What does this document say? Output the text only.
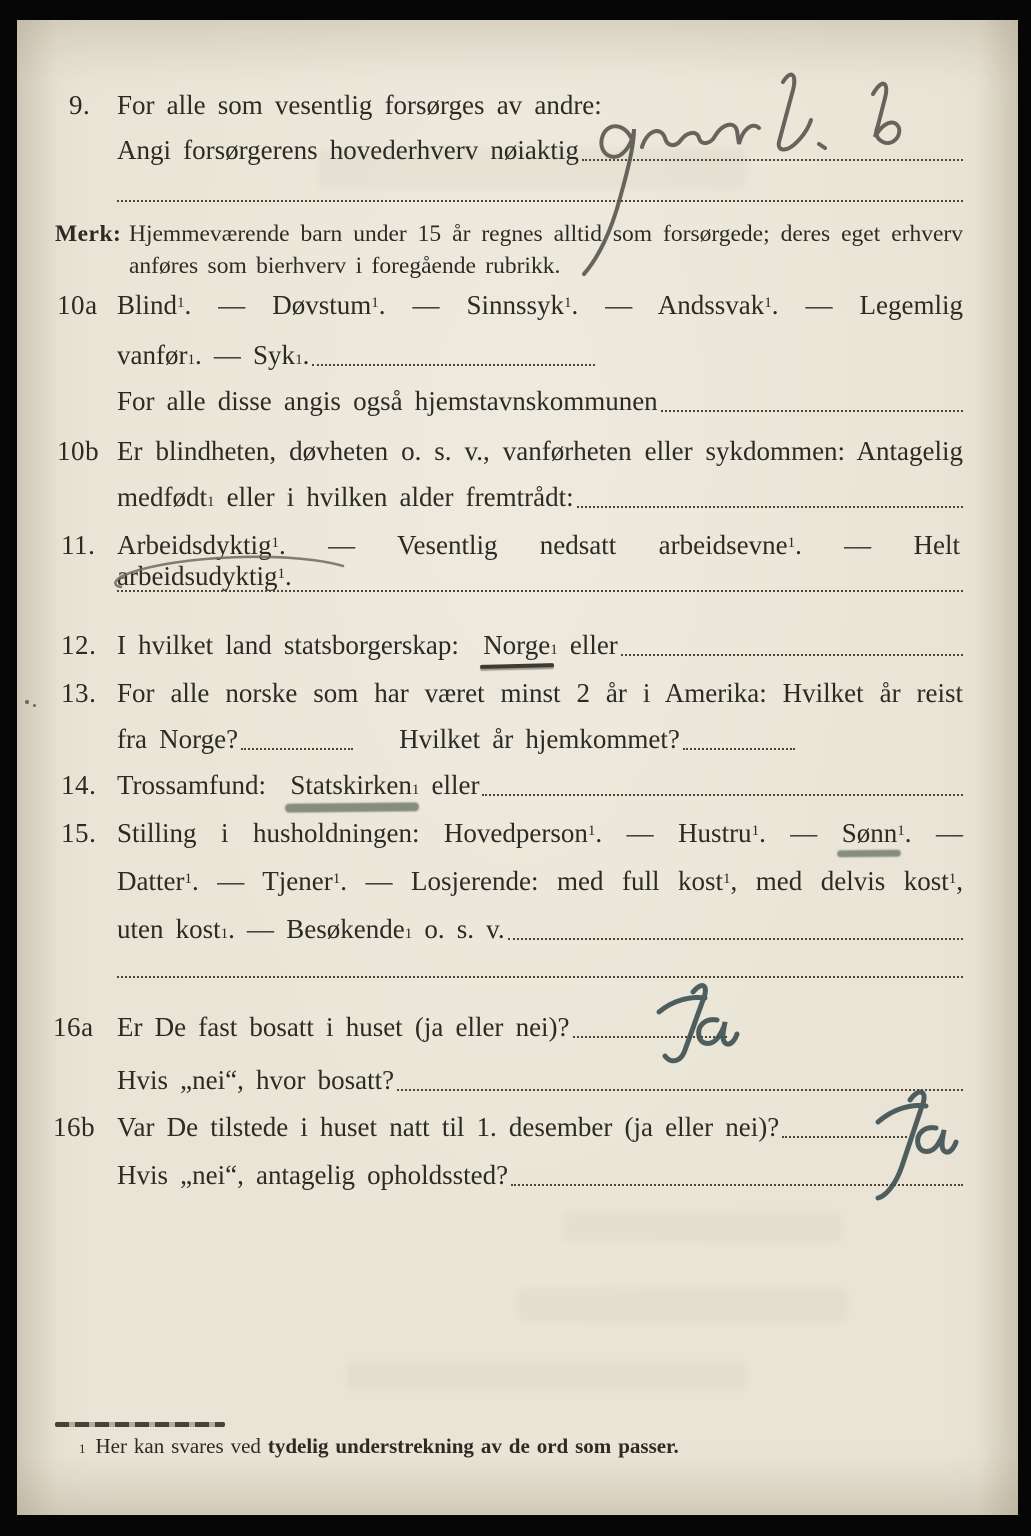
9. For alle som vesentlig forsørges av andre:
Angi forsørgerens hovederhverv nøiaktig
Merk: Hjemmeværende barn under 15 år regnes alltid som forsørgede; deres eget erhverv
anføres som bierhverv i foregående rubrikk.
10a Blind$^1$. — Døvstum$^1$. — Sinnssyk$^1$. — Andssvak$^1$. — Legemlig
vanfør 1 . — Syk 1 .
For alle disse angis også hjemstavnskommunen
10b Er blindheten, døvheten o. s. v., vanførheten eller sykdommen: Antagelig
medfødt 1 eller i hvilken alder fremtrådt:
11. Arbeidsdyktig$^1$. — Vesentlig nedsatt arbeidsevne$^1$. — Helt arbeidsudyktig$^1$.
12. I hvilket land statsborgerskap: Norge 1 eller
13. For alle norske som har været minst 2 år i Amerika: Hvilket år reist
fra Norge?	Hvilket år hjemkommet?
14. Trossamfund: Statskirken 1 eller
15. Stilling i husholdningen: Hovedperson$^1$. — Hustru$^1$. — Sønn$^1$. —
Datter$^1$. — Tjener$^1$. — Losjerende: med full kost$^1$, med delvis kost$^1$,
uten kost 1 . — Besøkende 1 o. s. v.
16a Er De fast bosatt i huset (ja eller nei)?
Hvis „nei“, hvor bosatt?
16b Var De tilstede i huset natt til 1. desember (ja eller nei)?
Hvis „nei“, antagelig opholdssted?
1 Her kan svares ved tydelig understrekning av de ord som passer.
